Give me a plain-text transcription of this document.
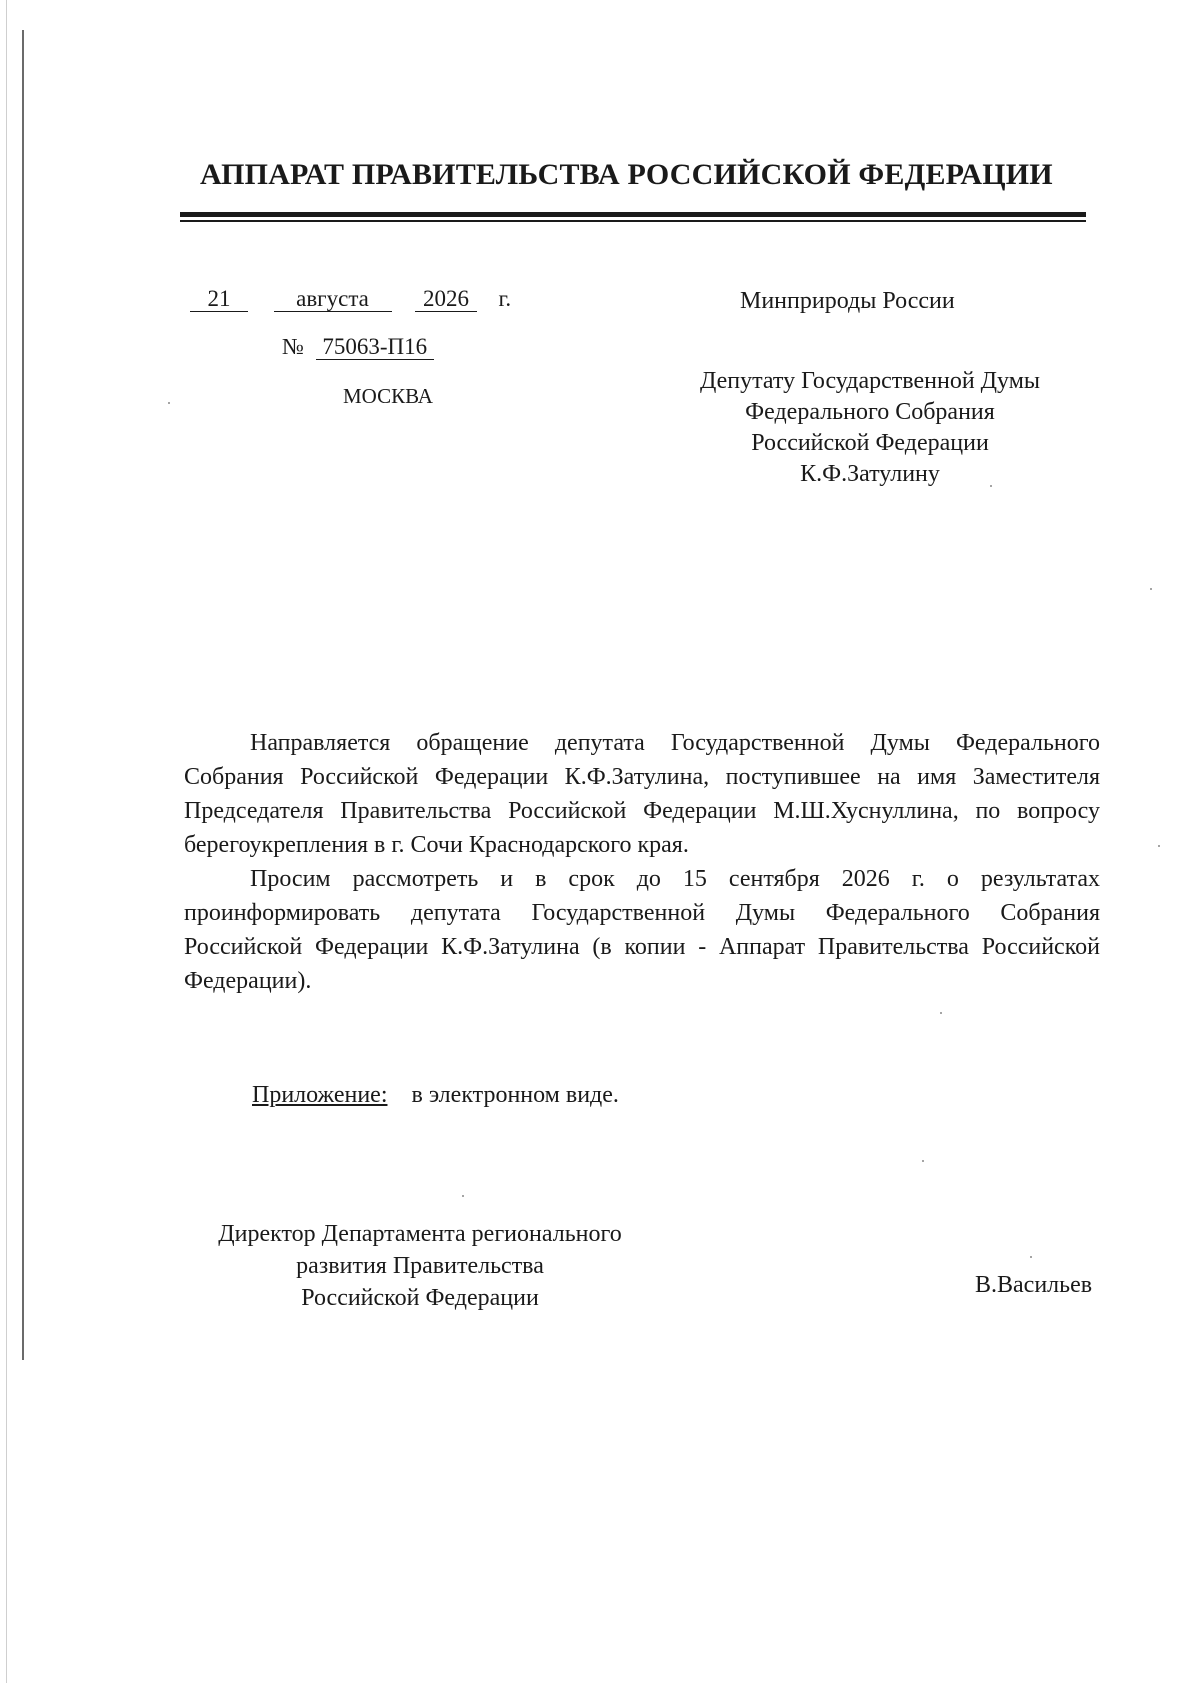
АППАРАТ ПРАВИТЕЛЬСТВА РОССИЙСКОЙ ФЕДЕРАЦИИ
21	августа 2026 г.
№ 75063-П16
МОСКВА
Минприроды России
Депутату Государственной Думы
Федерального Собрания
Российской Федерации
К.Ф.Затулину

Направляется обращение депутата Государственной Думы Федерального Собрания Российской Федерации К.Ф.Затулина, поступившее на имя Заместителя Председателя Правительства Российской Федерации М.Ш.Хуснуллина, по вопросу берегоукрепления в г. Сочи Краснодарского края.

Просим рассмотреть и в срок до 15 сентября 2026 г. о результатах проинформировать депутата Государственной Думы Федерального Собрания Российской Федерации К.Ф.Затулина (в копии - Аппарат Правительства Российской Федерации).

Приложение: в электронном виде.
Директор Департамента регионального
развития Правительства
Российской Федерации	В.Васильев
